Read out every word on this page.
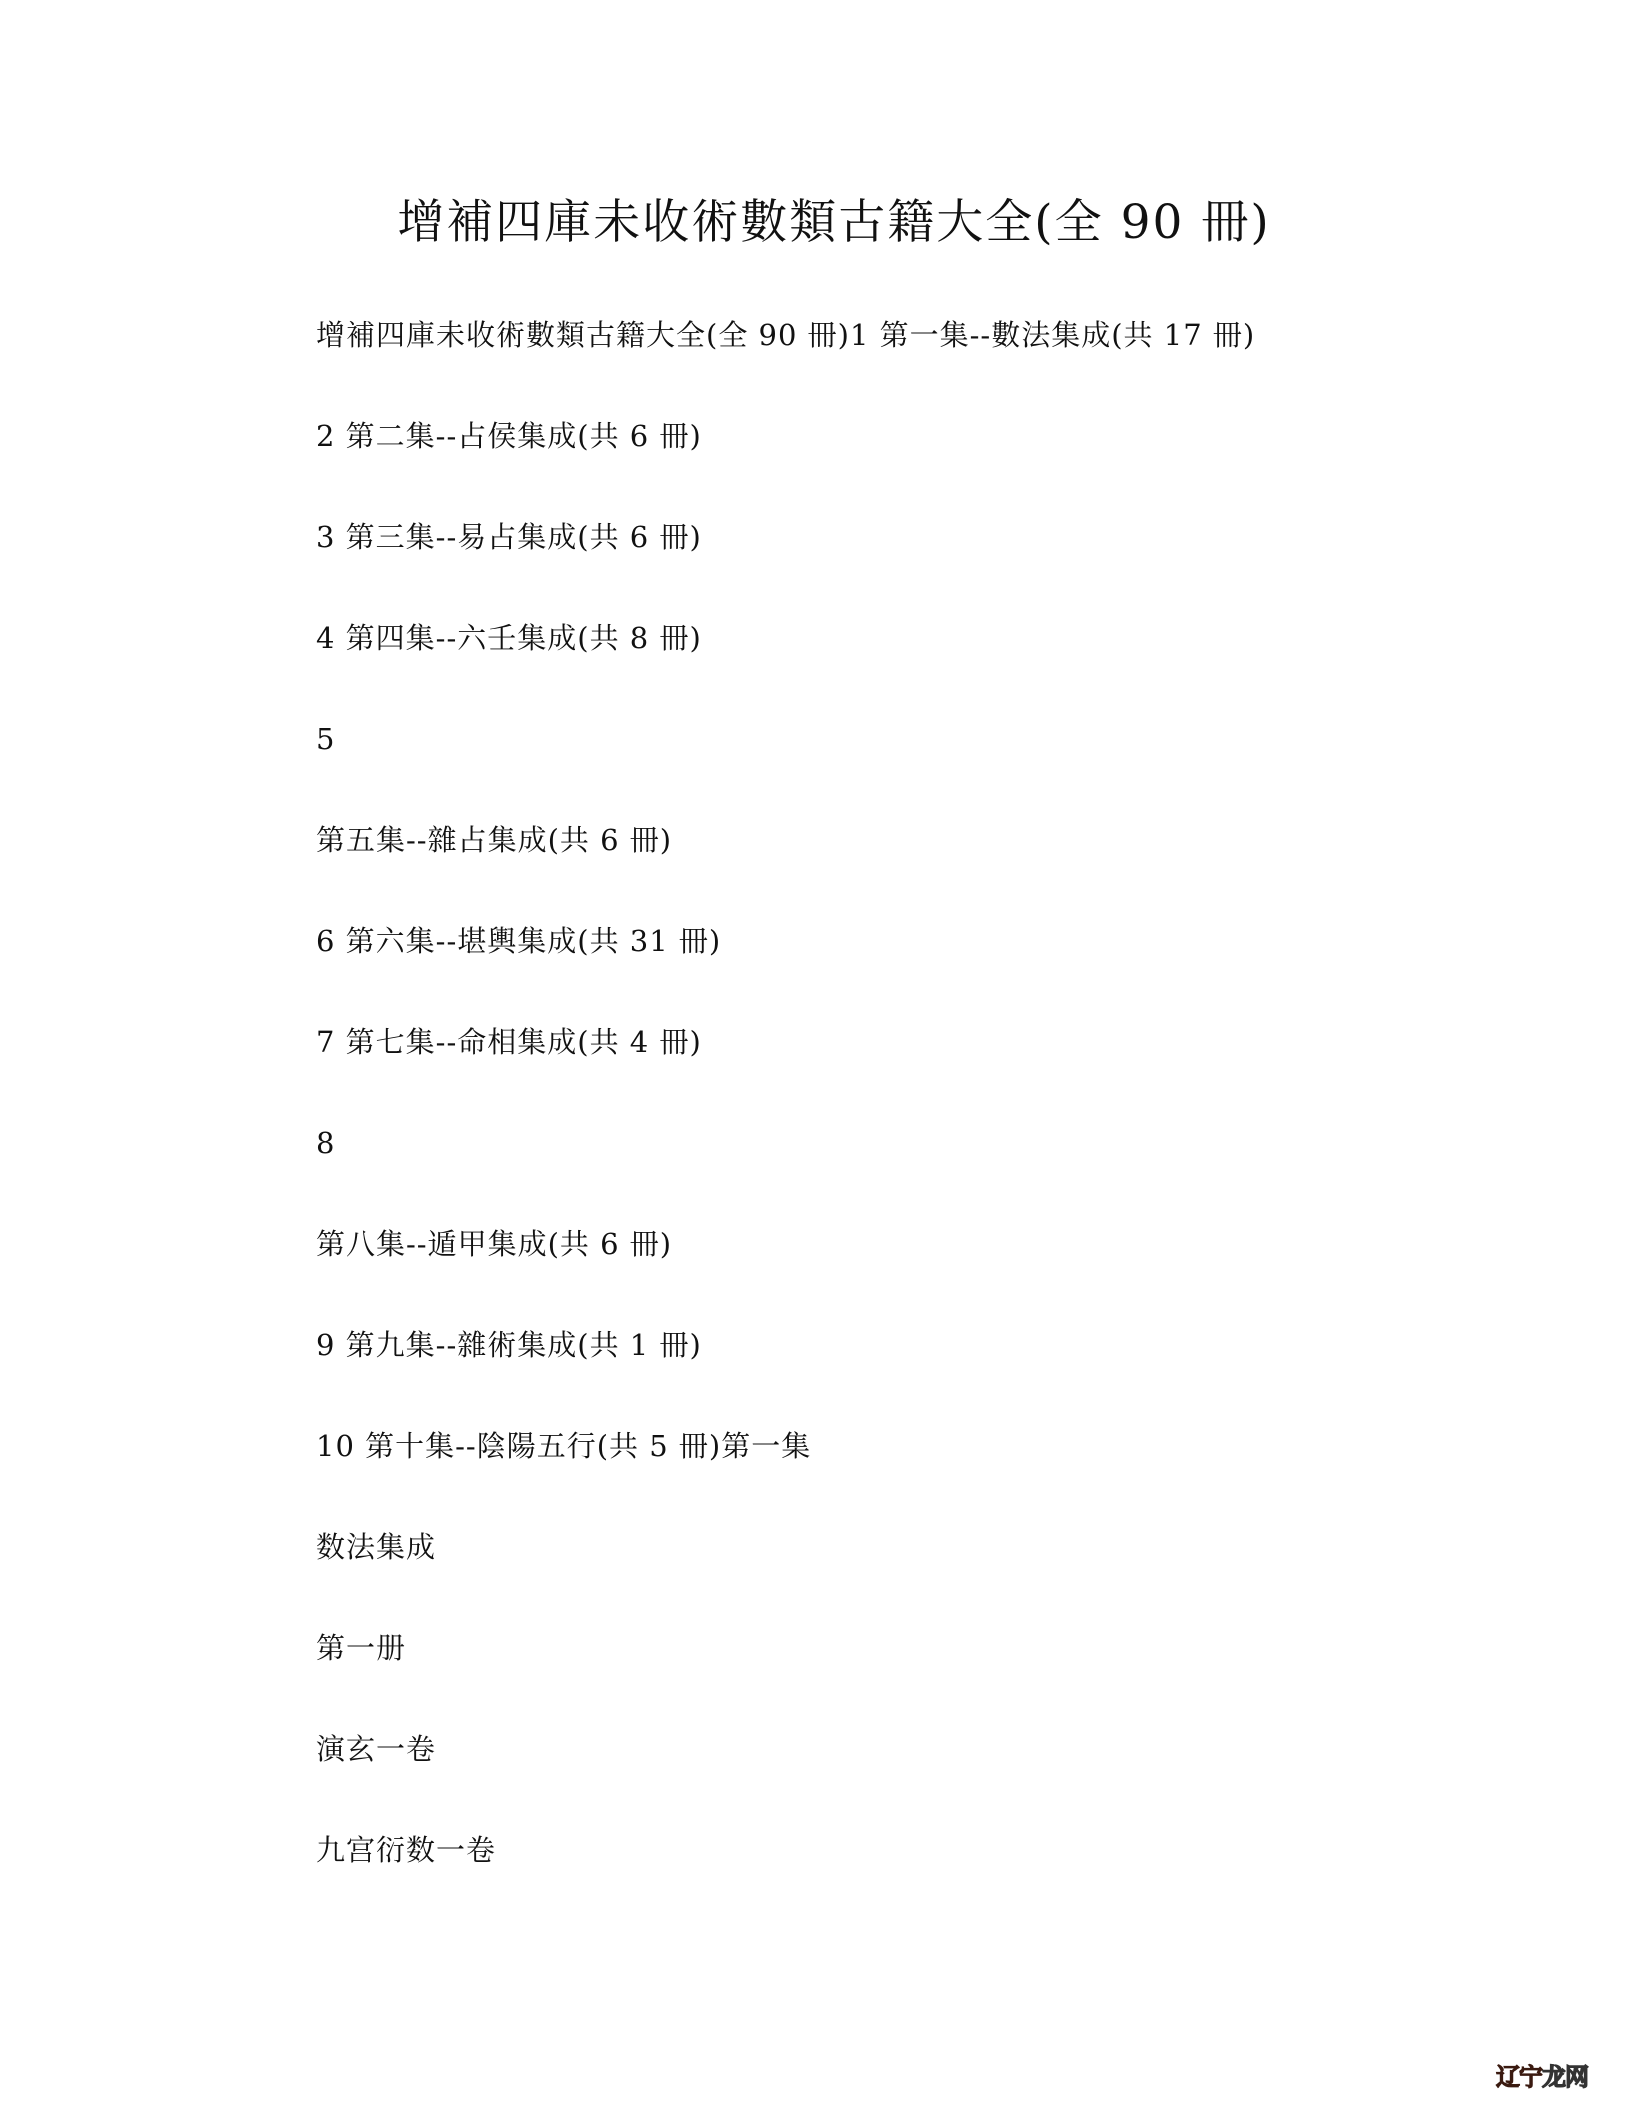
增補四庫未收術數類古籍大全(全 90 冊)
增補四庫未收術數類古籍大全(全 90 冊)1 第一集--數法集成(共 17 冊)
2 第二集--占侯集成(共 6 冊)
3 第三集--易占集成(共 6 冊)
4 第四集--六壬集成(共 8 冊)
5
第五集--雜占集成(共 6 冊)
6 第六集--堪輿集成(共 31 冊)
7 第七集--命相集成(共 4 冊)
8
第八集--遁甲集成(共 6 冊)
9 第九集--雜術集成(共 1 冊)
10 第十集--陰陽五行(共 5 冊)第一集
数法集成
第一册
演玄一卷
九宫衍数一卷
辽宁龙网
